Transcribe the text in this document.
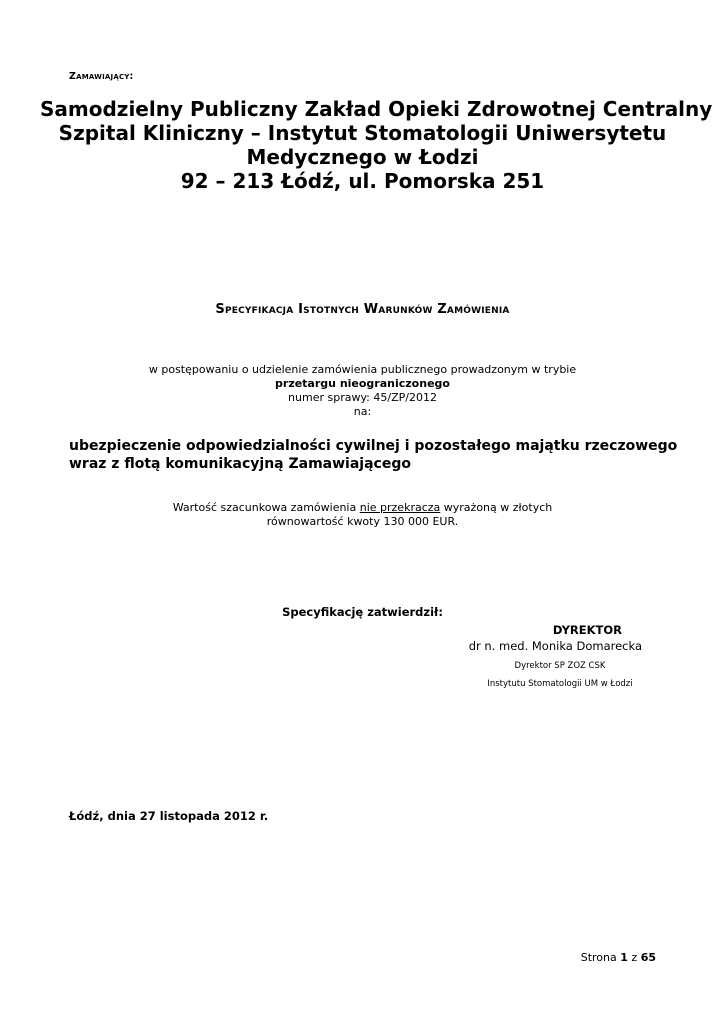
Zamawiający:
Samodzielny Publiczny Zakład Opieki Zdrowotnej Centralny
Szpital Kliniczny – Instytut Stomatologii Uniwersytetu
Medycznego w Łodzi
92 – 213 Łódź, ul. Pomorska 251
Specyfikacja Istotnych Warunków Zamówienia
w postępowaniu o udzielenie zamówienia publicznego prowadzonym w trybie
przetargu nieograniczonego
numer sprawy: 45/ZP/2012
na:
ubezpieczenie odpowiedzialności cywilnej i pozostałego majątku rzeczowego
wraz z flotą komunikacyjną Zamawiającego
Wartość szacunkowa zamówienia nie przekracza wyrażoną w złotych
równowartość kwoty 130 000 EUR.
Specyfikację zatwierdził:
DYREKTOR
dr n. med. Monika Domarecka
Dyrektor SP ZOZ CSK
Instytutu Stomatologii UM w Łodzi
Łódź, dnia 27 listopada 2012 r.
Strona 1 z 65
